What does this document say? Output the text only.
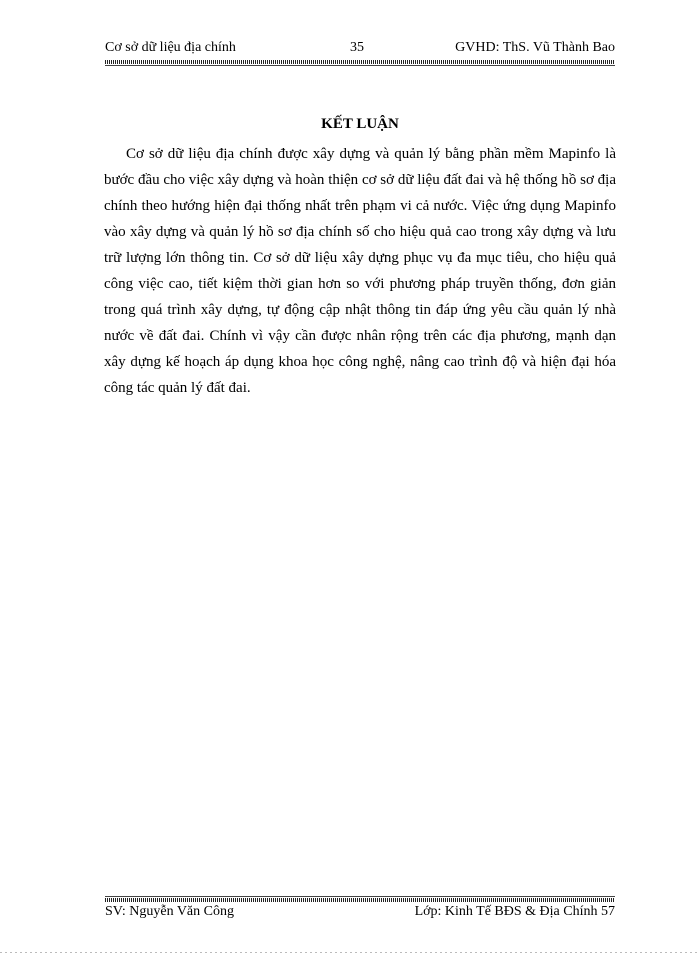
Cơ sở dữ liệu địa chính	35	GVHD: ThS. Vũ Thành Bao
KẾT LUẬN

Cơ sở dữ liệu địa chính được xây dựng và quản lý bằng phần mềm Mapinfo là bước đầu cho việc xây dựng và hoàn thiện cơ sở dữ liệu đất đai và hệ thống hồ sơ địa chính theo hướng hiện đại thống nhất trên phạm vi cả nước. Việc ứng dụng Mapinfo vào xây dựng và quản lý hồ sơ địa chính số cho hiệu quả cao trong xây dựng và lưu trữ lượng lớn thông tin. Cơ sở dữ liệu xây dựng phục vụ đa mục tiêu, cho hiệu quả công việc cao, tiết kiệm thời gian hơn so với phương pháp truyền thống, đơn giản trong quá trình xây dựng, tự động cập nhật thông tin đáp ứng yêu cầu quản lý nhà nước về đất đai. Chính vì vậy cần được nhân rộng trên các địa phương, mạnh dạn xây dựng kế hoạch áp dụng khoa học công nghệ, nâng cao trình độ và hiện đại hóa công tác quản lý đất đai.

SV: Nguyễn Văn Công	Lớp: Kinh Tế BĐS & Địa Chính 57
